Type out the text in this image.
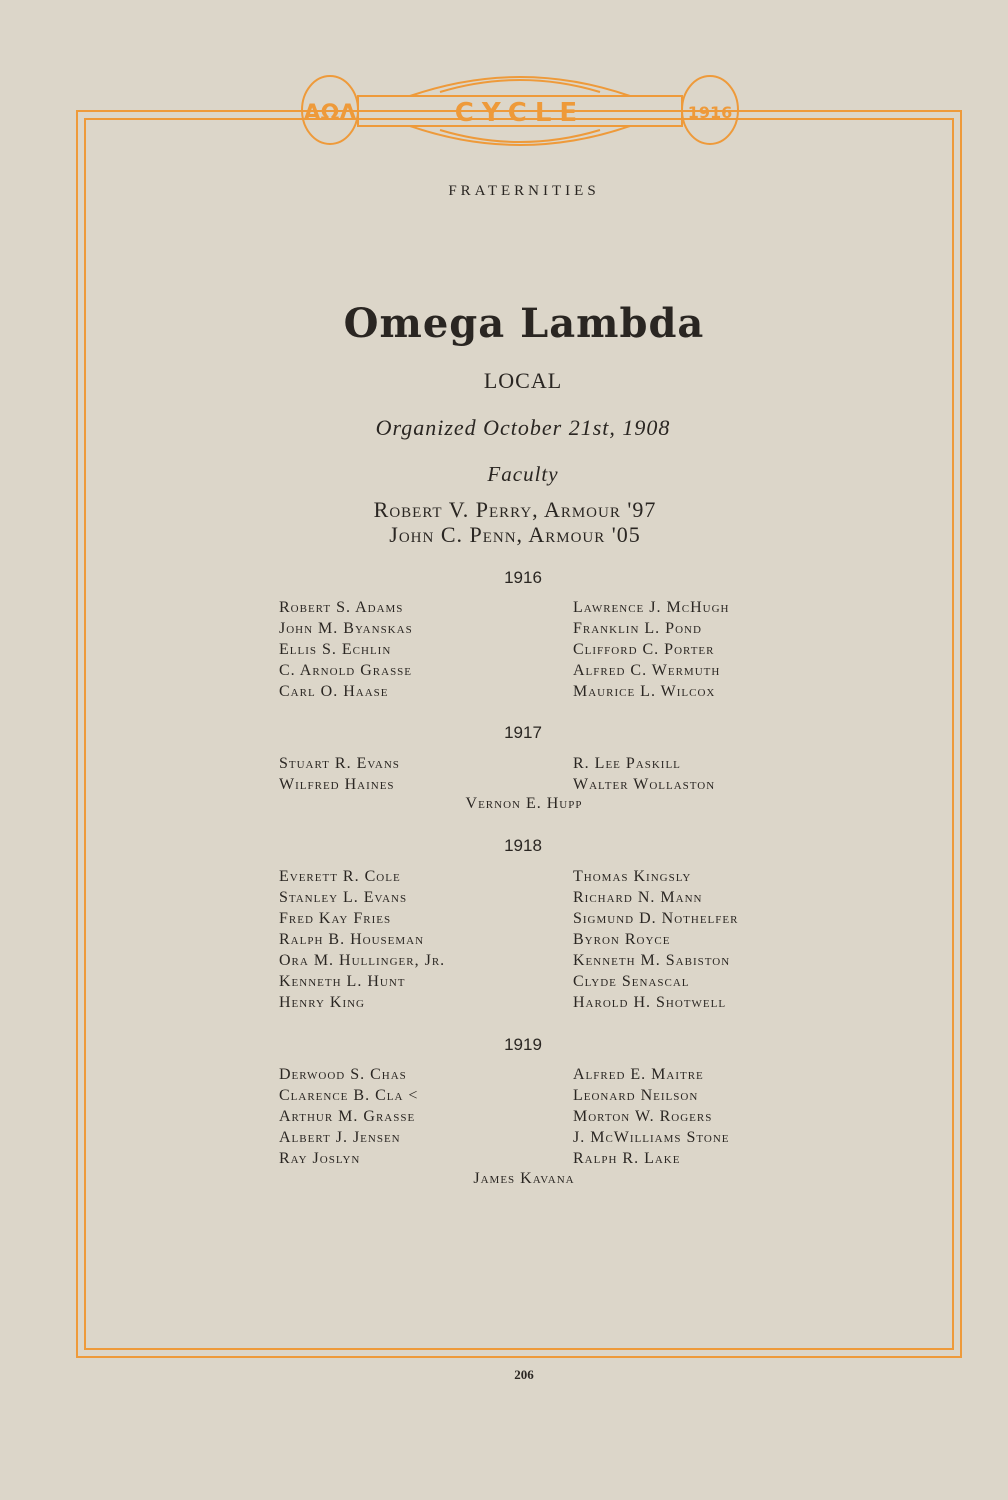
AΩΛ	CYCLE	1916
FRATERNITIES
Omega Lambda
LOCAL
Organized October 21st, 1908
Faculty
Robert V. Perry, Armour '97
John C. Penn, Armour '05
1916
Robert S. Adams
John M. Byanskas
Ellis S. Echlin
C. Arnold Grasse
Carl O. Haase
Lawrence J. McHugh
Franklin L. Pond
Clifford C. Porter
Alfred C. Wermuth
Maurice L. Wilcox
1917
Stuart R. Evans
Wilfred Haines
R. Lee Paskill
Walter Wollaston
Vernon E. Hupp
1918
Everett R. Cole
Stanley L. Evans
Fred Kay Fries
Ralph B. Houseman
Ora M. Hullinger, Jr.
Kenneth L. Hunt
Henry King
Thomas Kingsly
Richard N. Mann
Sigmund D. Nothelfer
Byron Royce
Kenneth M. Sabiston
Clyde Senascal
Harold H. Shotwell
1919
Derwood S. Chas
Clarence B. Cla <
Arthur M. Grasse
Albert J. Jensen
Ray Joslyn
Alfred E. Maitre
Leonard Neilson
Morton W. Rogers
J. McWilliams Stone
Ralph R. Lake
James Kavana
206
